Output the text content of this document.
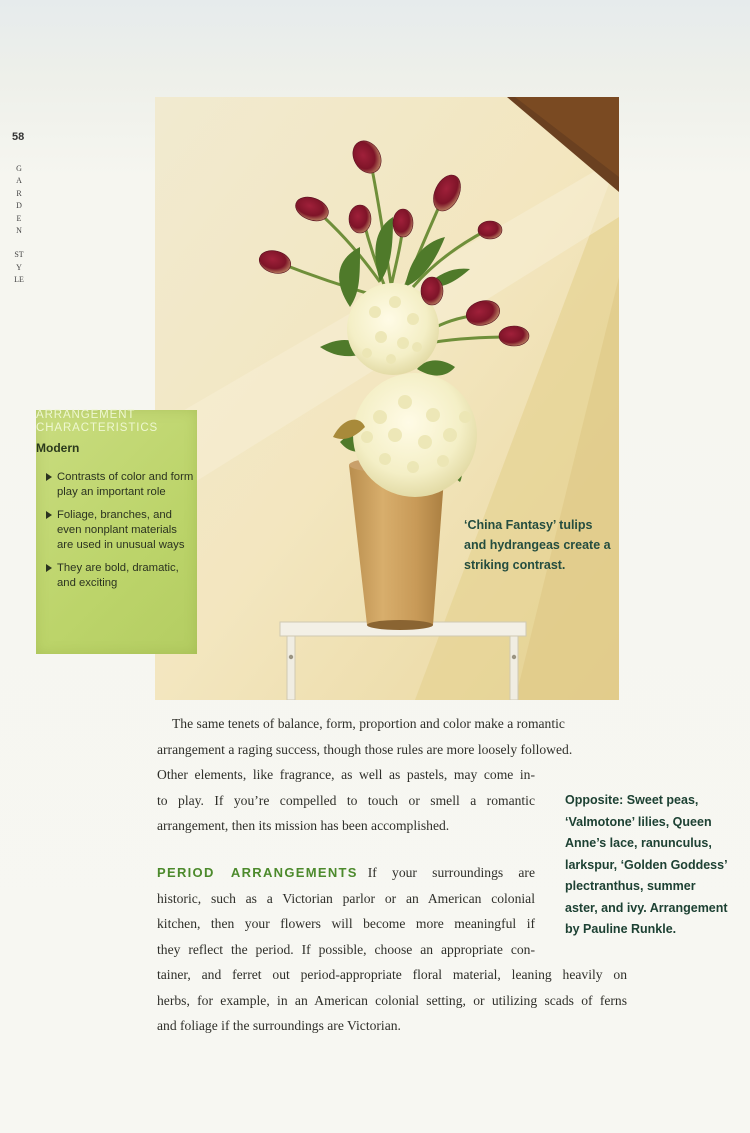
58
GARDEN
STYLE
ARRANGEMENT
CHARACTERISTICS
Modern
Contrasts of color and form play an important role
Foliage, branches, and even nonplant materials are used in unusual ways
They are bold, dramatic, and exciting
‘China Fantasy’ tulips and hydrangeas create a striking contrast.
The same tenets of balance, form, proportion and color make a romantic
arrangement a raging success, though those rules are more loosely followed.
Other elements, like fragrance, as well as pastels, may come in-
to play. If you’re compelled to touch or smell a romantic
arrangement, then its mission has been accomplished.
PERIOD ARRANGEMENTS If your surroundings are
historic, such as a Victorian parlor or an American colonial
kitchen, then your flowers will become more meaningful if
they reflect the period. If possible, choose an appropriate con-
tainer, and ferret out period-appropriate floral material, leaning heavily on
herbs, for example, in an American colonial setting, or utilizing scads of ferns
and foliage if the surroundings are Victorian.
Opposite: Sweet peas,
‘Valmotone’ lilies, Queen
Anne’s lace, ranunculus,
larkspur, ‘Golden Goddess’
plectranthus, summer
aster, and ivy. Arrangement
by Pauline Runkle.
